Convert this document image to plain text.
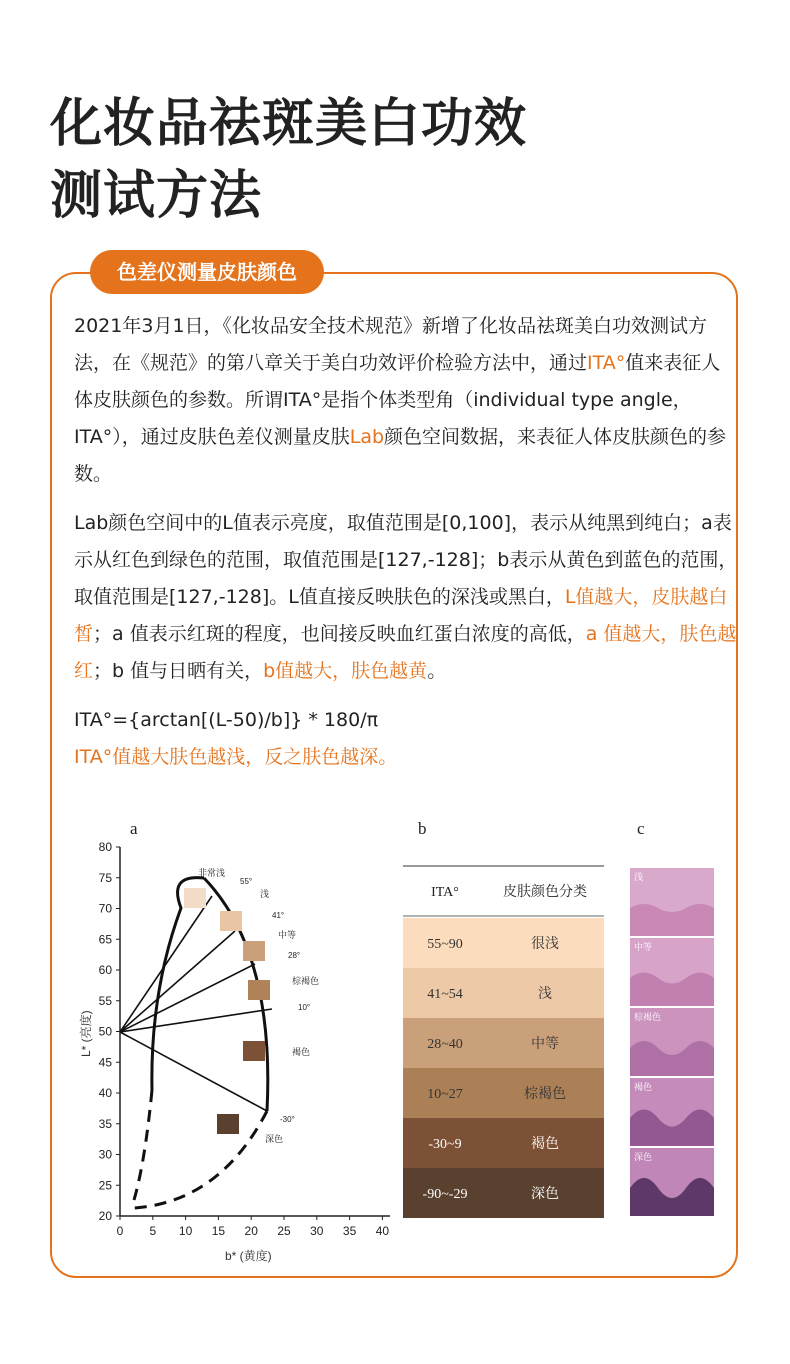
化妆品祛斑美白功效
测试方法
色差仪测量皮肤颜色

2021年3月1日，《化妆品安全技术规范》新增了化妆品祛斑美白功效测试方法，在《规范》的第八章关于美白功效评价检验方法中，通过ITA°值来表征人体皮肤颜色的参数。所谓ITA°是指个体类型角（individual type angle，ITA°），通过皮肤色差仪测量皮肤Lab颜色空间数据，来表征人体皮肤颜色的参数。

Lab颜色空间中的L值表示亮度，取值范围是[0,100]，表示从纯黑到纯白；a表示从红色到绿色的范围，取值范围是[127,-128]；b表示从黄色到蓝色的范围，取值范围是[127,-128]。L值直接反映肤色的深浅或黑白，L值越大，皮肤越白皙；a 值表示红斑的程度，也间接反映血红蛋白浓度的高低，a 值越大，肤色越红；b 值与日晒有关，b值越大，肤色越黄。

ITA°={arctan[(L-50)/b]} * 180/π
ITA°值越大肤色越浅，反之肤色越深。

a
80
75
70
65
60
55
50
45
40
35
30
25
20
0 5 10 15 20 25 30 35 40
L* (亮度)
b* (黄度)
非常浅
浅
中等
棕褐色
褐色
深色
55°
41°
28°
10°
-30°
b
ITA°	皮肤颜色分类
55~90	很浅
41~54	浅
28~40	中等
10~27	棕褐色
-30~9	褐色
-90~-29	深色
c
浅
中等
棕褐色
褐色
深色
